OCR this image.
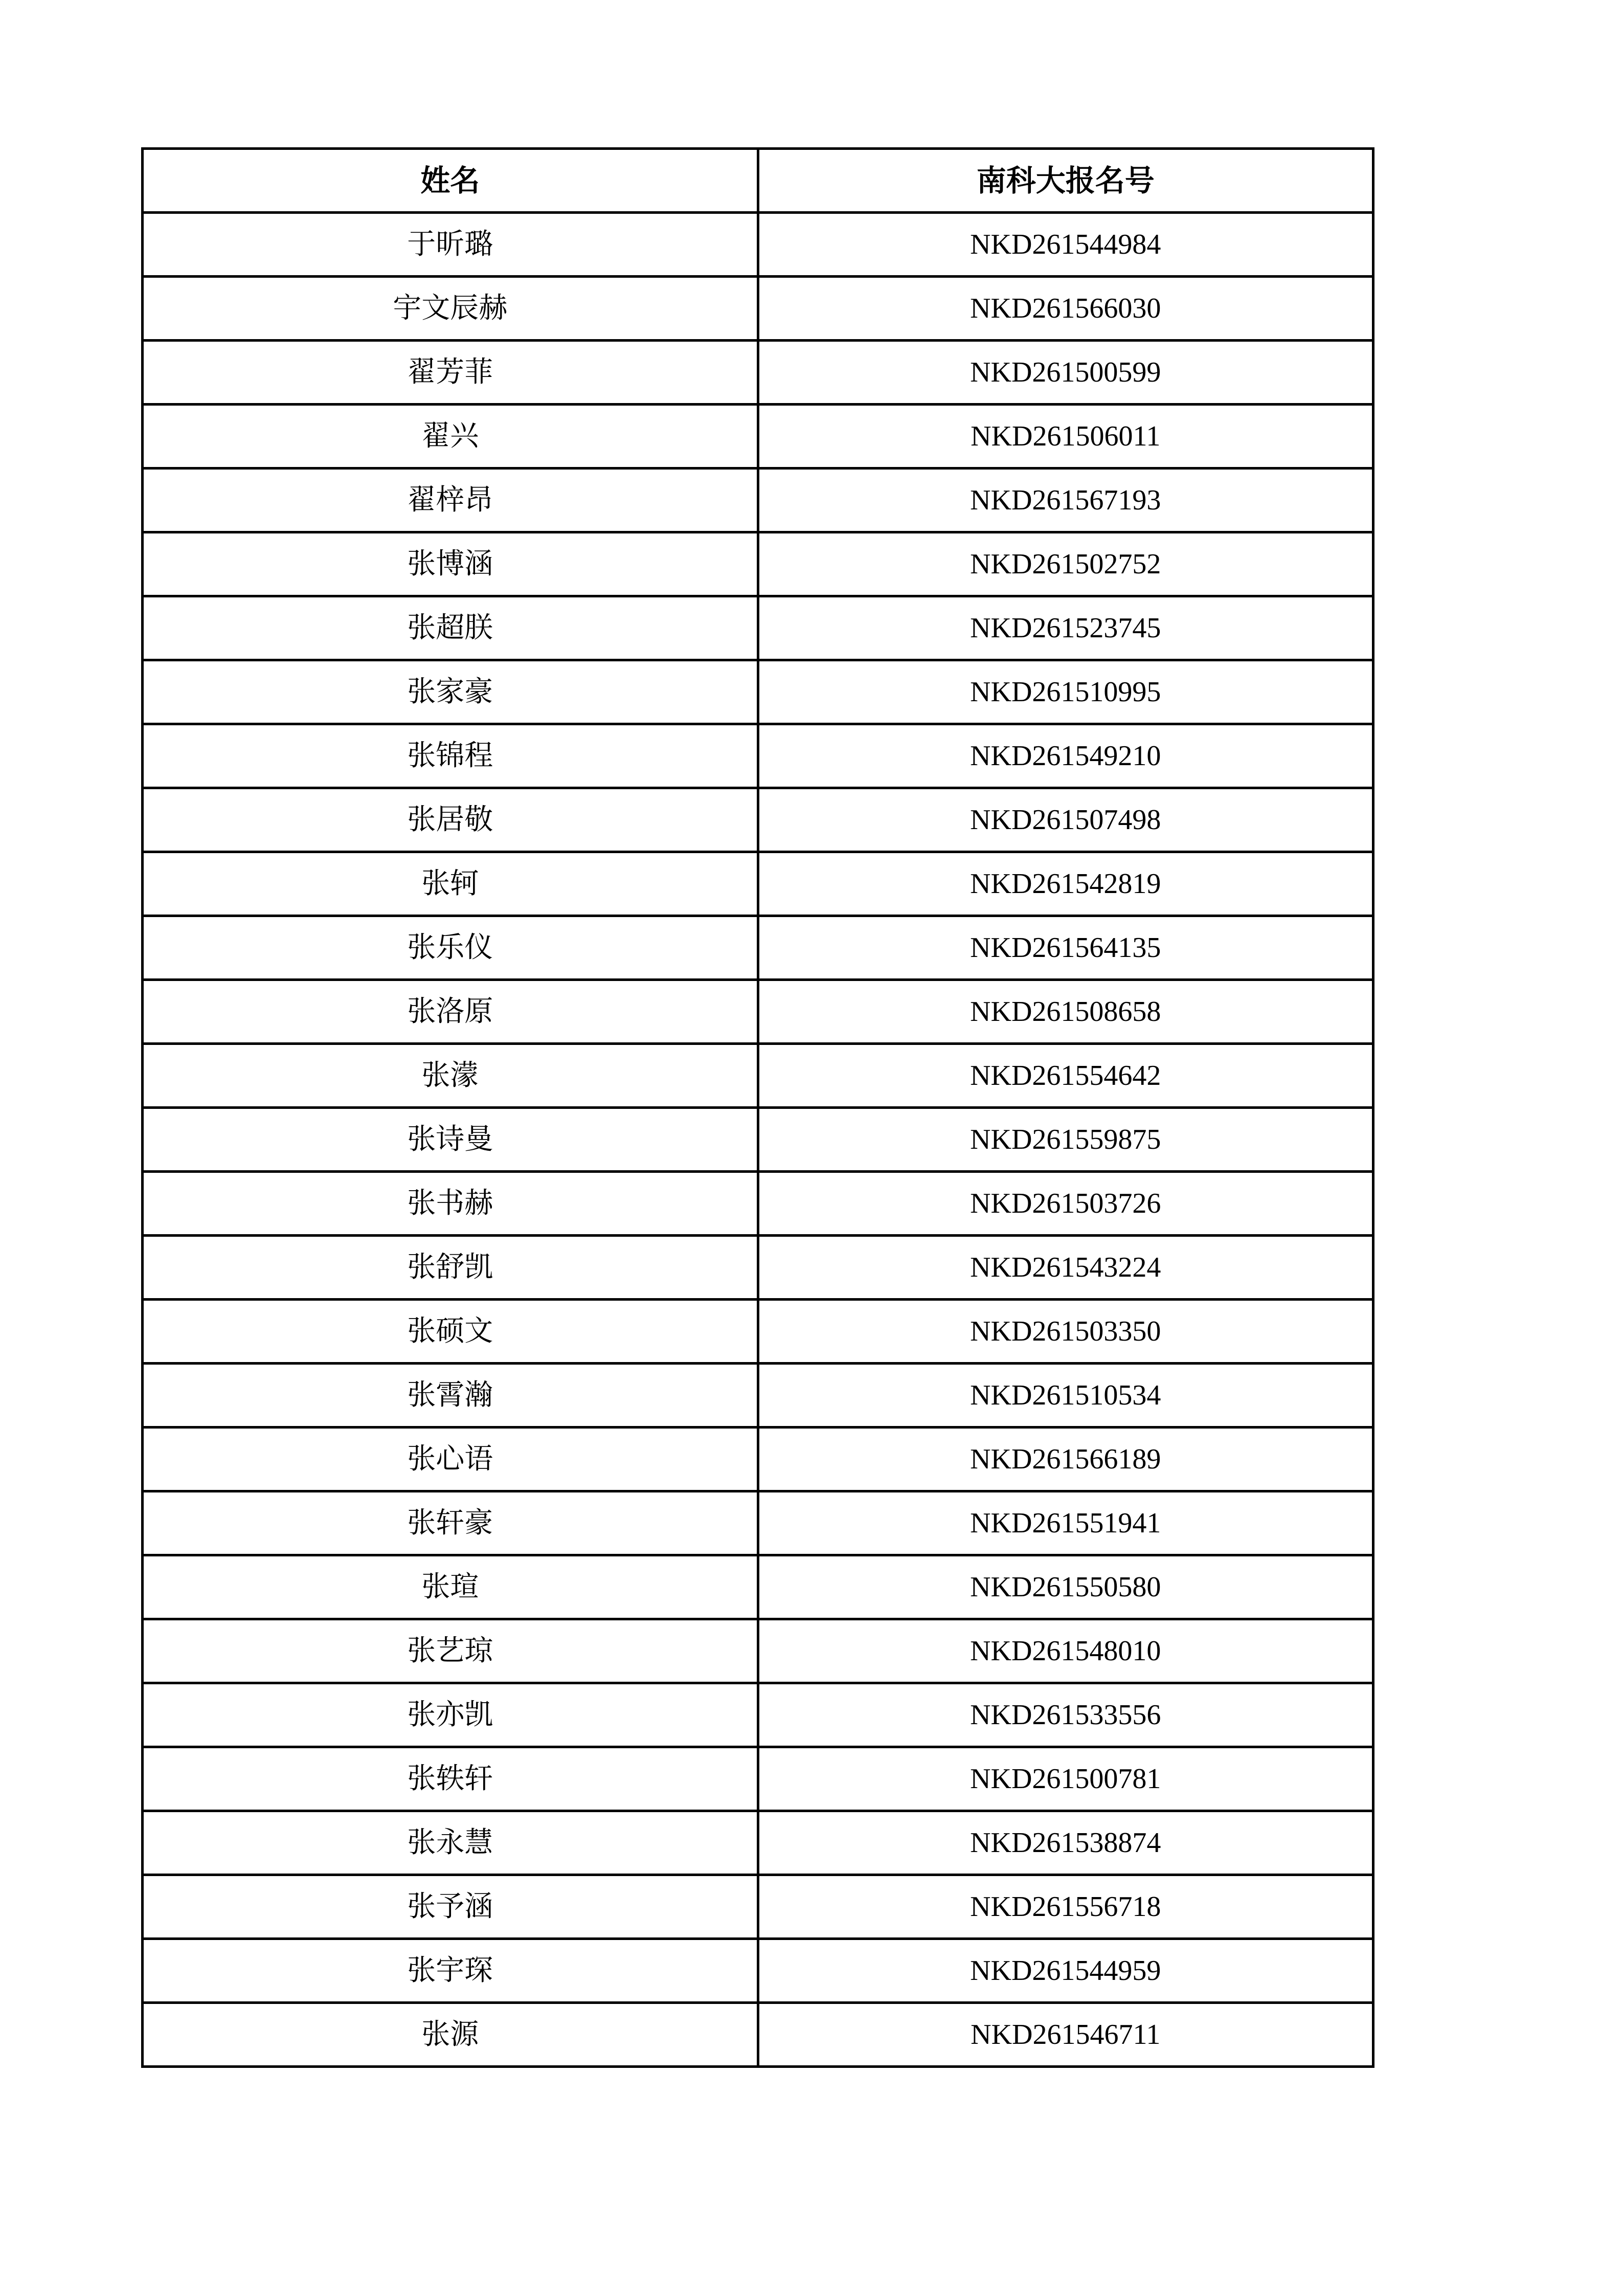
姓名	南科大报名号
于昕璐	NKD261544984
宇文辰赫	NKD261566030
翟芳菲	NKD261500599
翟兴	NKD261506011
翟梓昂	NKD261567193
张博涵	NKD261502752
张超朕	NKD261523745
张家豪	NKD261510995
张锦程	NKD261549210
张居敬	NKD261507498
张轲	NKD261542819
张乐仪	NKD261564135
张洛原	NKD261508658
张濛	NKD261554642
张诗曼	NKD261559875
张书赫	NKD261503726
张舒凯	NKD261543224
张硕文	NKD261503350
张霄瀚	NKD261510534
张心语	NKD261566189
张轩豪	NKD261551941
张瑄	NKD261550580
张艺琼	NKD261548010
张亦凯	NKD261533556
张轶轩	NKD261500781
张永慧	NKD261538874
张予涵	NKD261556718
张宇琛	NKD261544959
张源	NKD261546711
